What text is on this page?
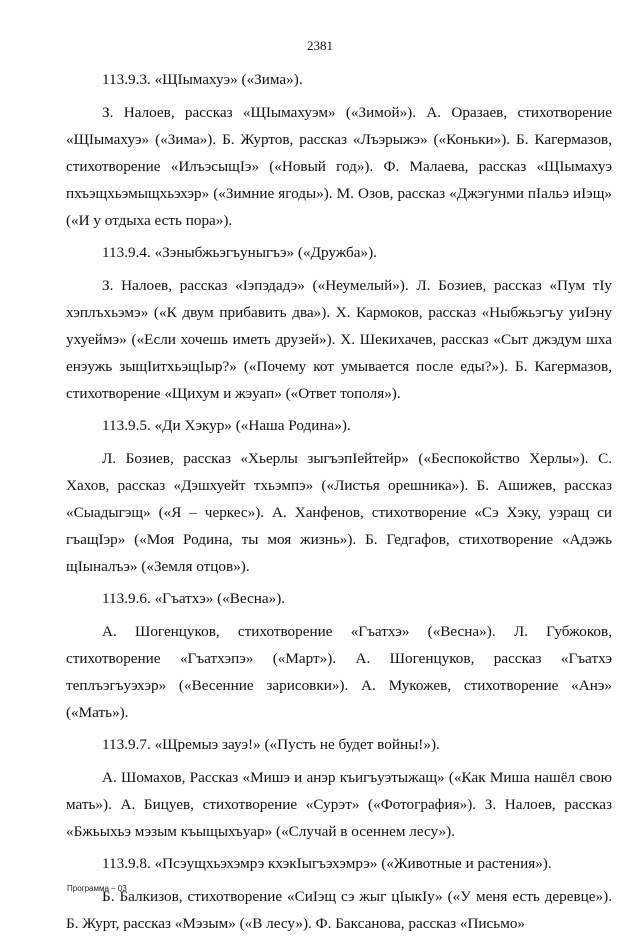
2381

113.9.3. «ЩIымахуэ» («Зима»).

З. Налоев, рассказ «ЩIымахуэм» («Зимой»). А. Оразаев, стихотворение «ЩIымахуэ» («Зима»). Б. Журтов, рассказ «Лъэрыжэ» («Коньки»). Б. Кагермазов, стихотворение «ИлъэсыщIэ» («Новый год»). Ф. Малаева, рассказ «ЩIымахуэ пхъэщхьэмыщхьэхэр» («Зимние ягоды»). М. Озов, рассказ «Джэгунми пIальэ иIэщ» («И у отдыха есть пора»).

113.9.4. «Зэныбжьэгъуныгъэ» («Дружба»).

З. Налоев, рассказ «Iэпэдадэ» («Неумелый»). Л. Бозиев, рассказ «Пум тIу хэплъхьэмэ» («К двум прибавить два»). Х. Кармоков, рассказ «Ныбжьэгъу уиIэну ухуеймэ» («Если хочешь иметь друзей»). Х. Шекихачев, рассказ «Сыт джэдум шха енэужь зыщIитхьэщIыр?» («Почему кот умывается после еды?»). Б. Кагермазов, стихотворение «Щихум и жэуап» («Ответ тополя»).

113.9.5. «Ди Хэкур» («Наша Родина»).

Л. Бозиев, рассказ «Хьерлы зыгъэпIейтейр» («Беспокойство Херлы»). С. Хахов, рассказ «Дэшхуейт тхьэмпэ» («Листья орешника»). Б. Ашижев, рассказ «Сыадыгэщ» («Я – черкес»). А. Ханфенов, стихотворение «Сэ Хэку, уэращ си гъащIэр» («Моя Родина, ты моя жизнь»). Б. Гедгафов, стихотворение «Адэжь щIыналъэ» («Земля отцов»).

113.9.6. «Гъатхэ» («Весна»).

А. Шогенцуков, стихотворение «Гъатхэ» («Весна»). Л. Губжоков, стихотворение «Гъатхэпэ» («Март»). А. Шогенцуков, рассказ «Гъатхэ теплъэгъуэхэр» («Весенние зарисовки»). А. Мукожев, стихотворение «Анэ» («Мать»).

113.9.7. «Щремыэ зауэ!» («Пусть не будет войны!»).

А. Шомахов, Рассказ «Мишэ и анэр къигъуэтыжащ» («Как Миша нашёл свою мать»). А. Бицуев, стихотворение «Сурэт» («Фотография»). З. Налоев, рассказ «Бжьыхьэ мэзым къыщыхъуар» («Случай в осеннем лесу»).

113.9.8. «Псэущхьэхэмрэ кхэкIыгъэхэмрэ» («Животные и растения»).

Б. Балкизов, стихотворение «СиIэщ сэ жыг цIыкIу» («У меня есть деревце»). Б. Журт, рассказ «Мэзым» («В лесу»). Ф. Баксанова, рассказ «Письмо»

Программа – 03
